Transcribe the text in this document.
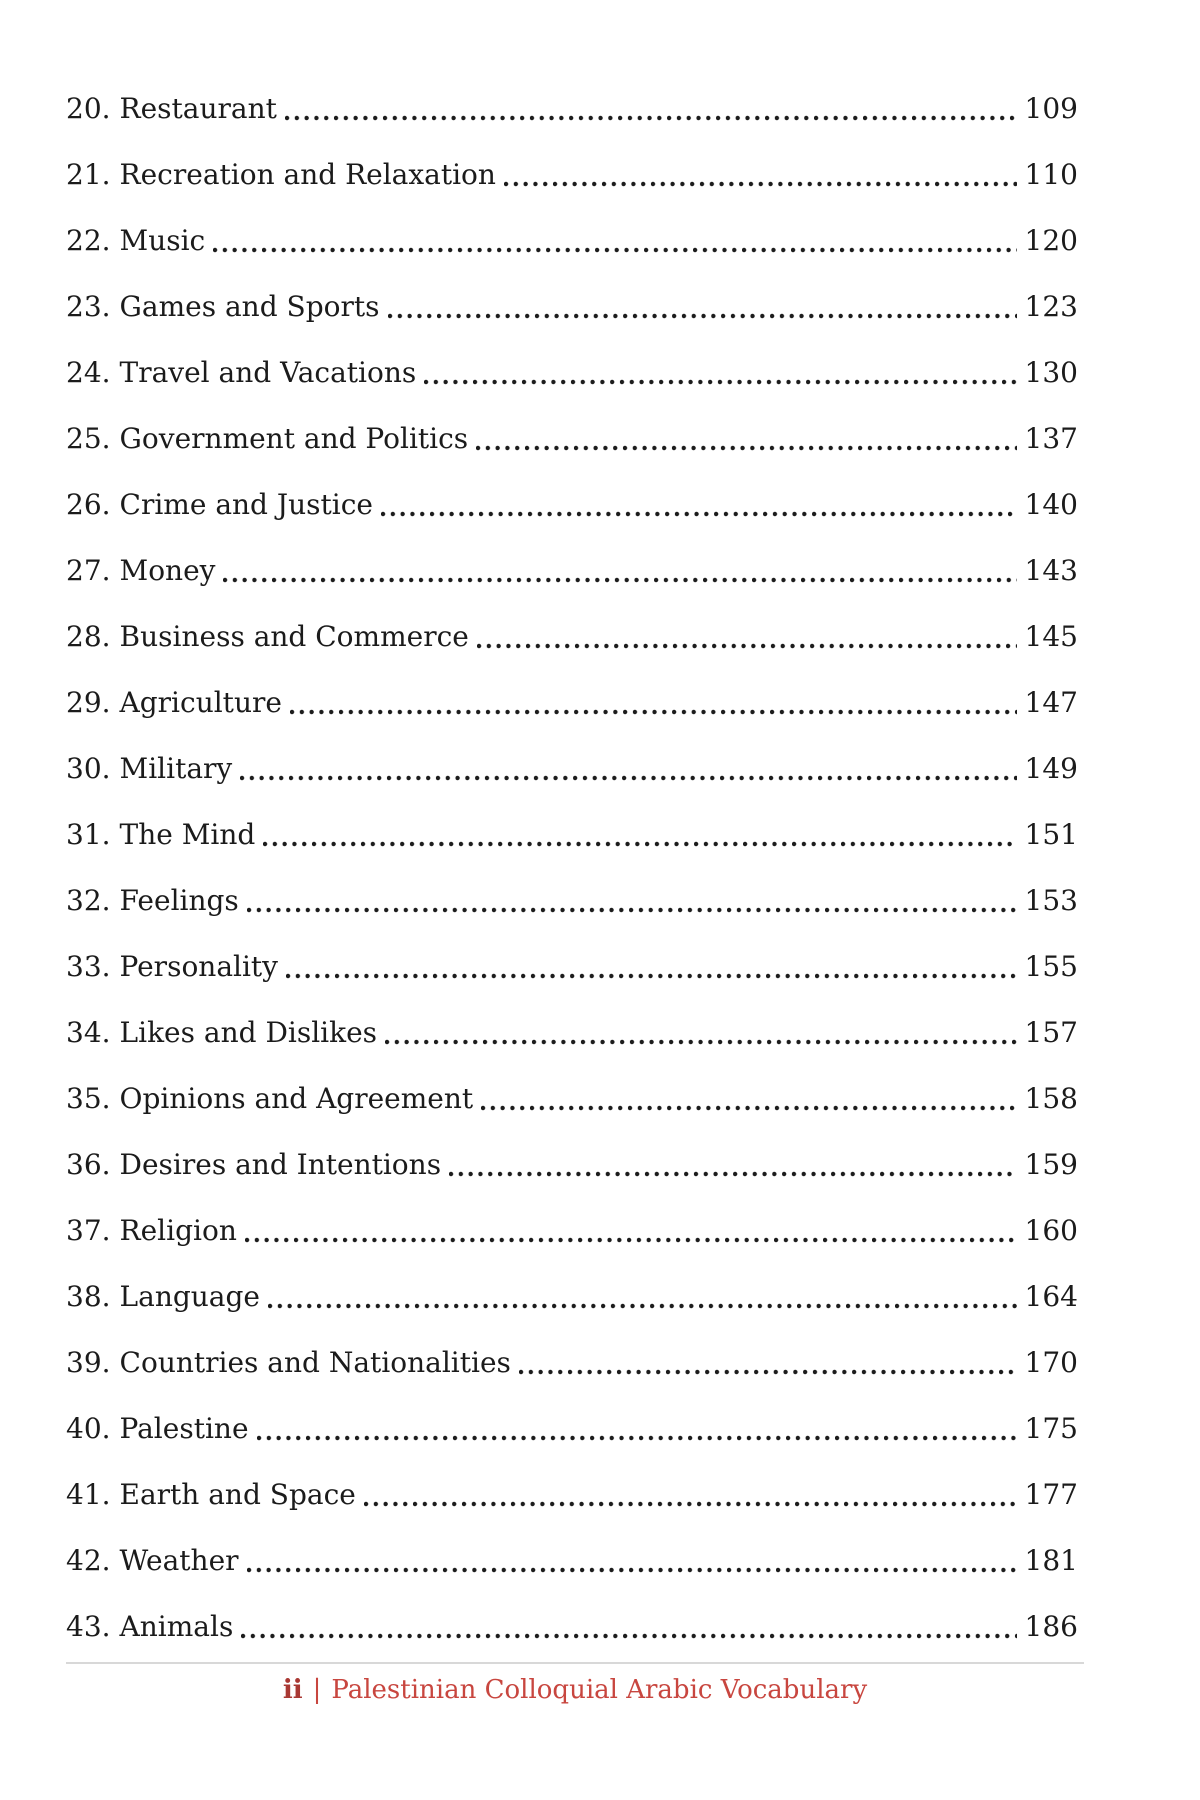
20. Restaurant	109
21. Recreation and Relaxation	110
22. Music	120
23. Games and Sports	123
24. Travel and Vacations	130
25. Government and Politics	137
26. Crime and Justice	140
27. Money	143
28. Business and Commerce	145
29. Agriculture	147
30. Military	149
31. The Mind	151
32. Feelings	153
33. Personality	155
34. Likes and Dislikes	157
35. Opinions and Agreement	158
36. Desires and Intentions	159
37. Religion	160
38. Language	164
39. Countries and Nationalities	170
40. Palestine	175
41. Earth and Space	177
42. Weather	181
43. Animals	186
ii | Palestinian Colloquial Arabic Vocabulary
